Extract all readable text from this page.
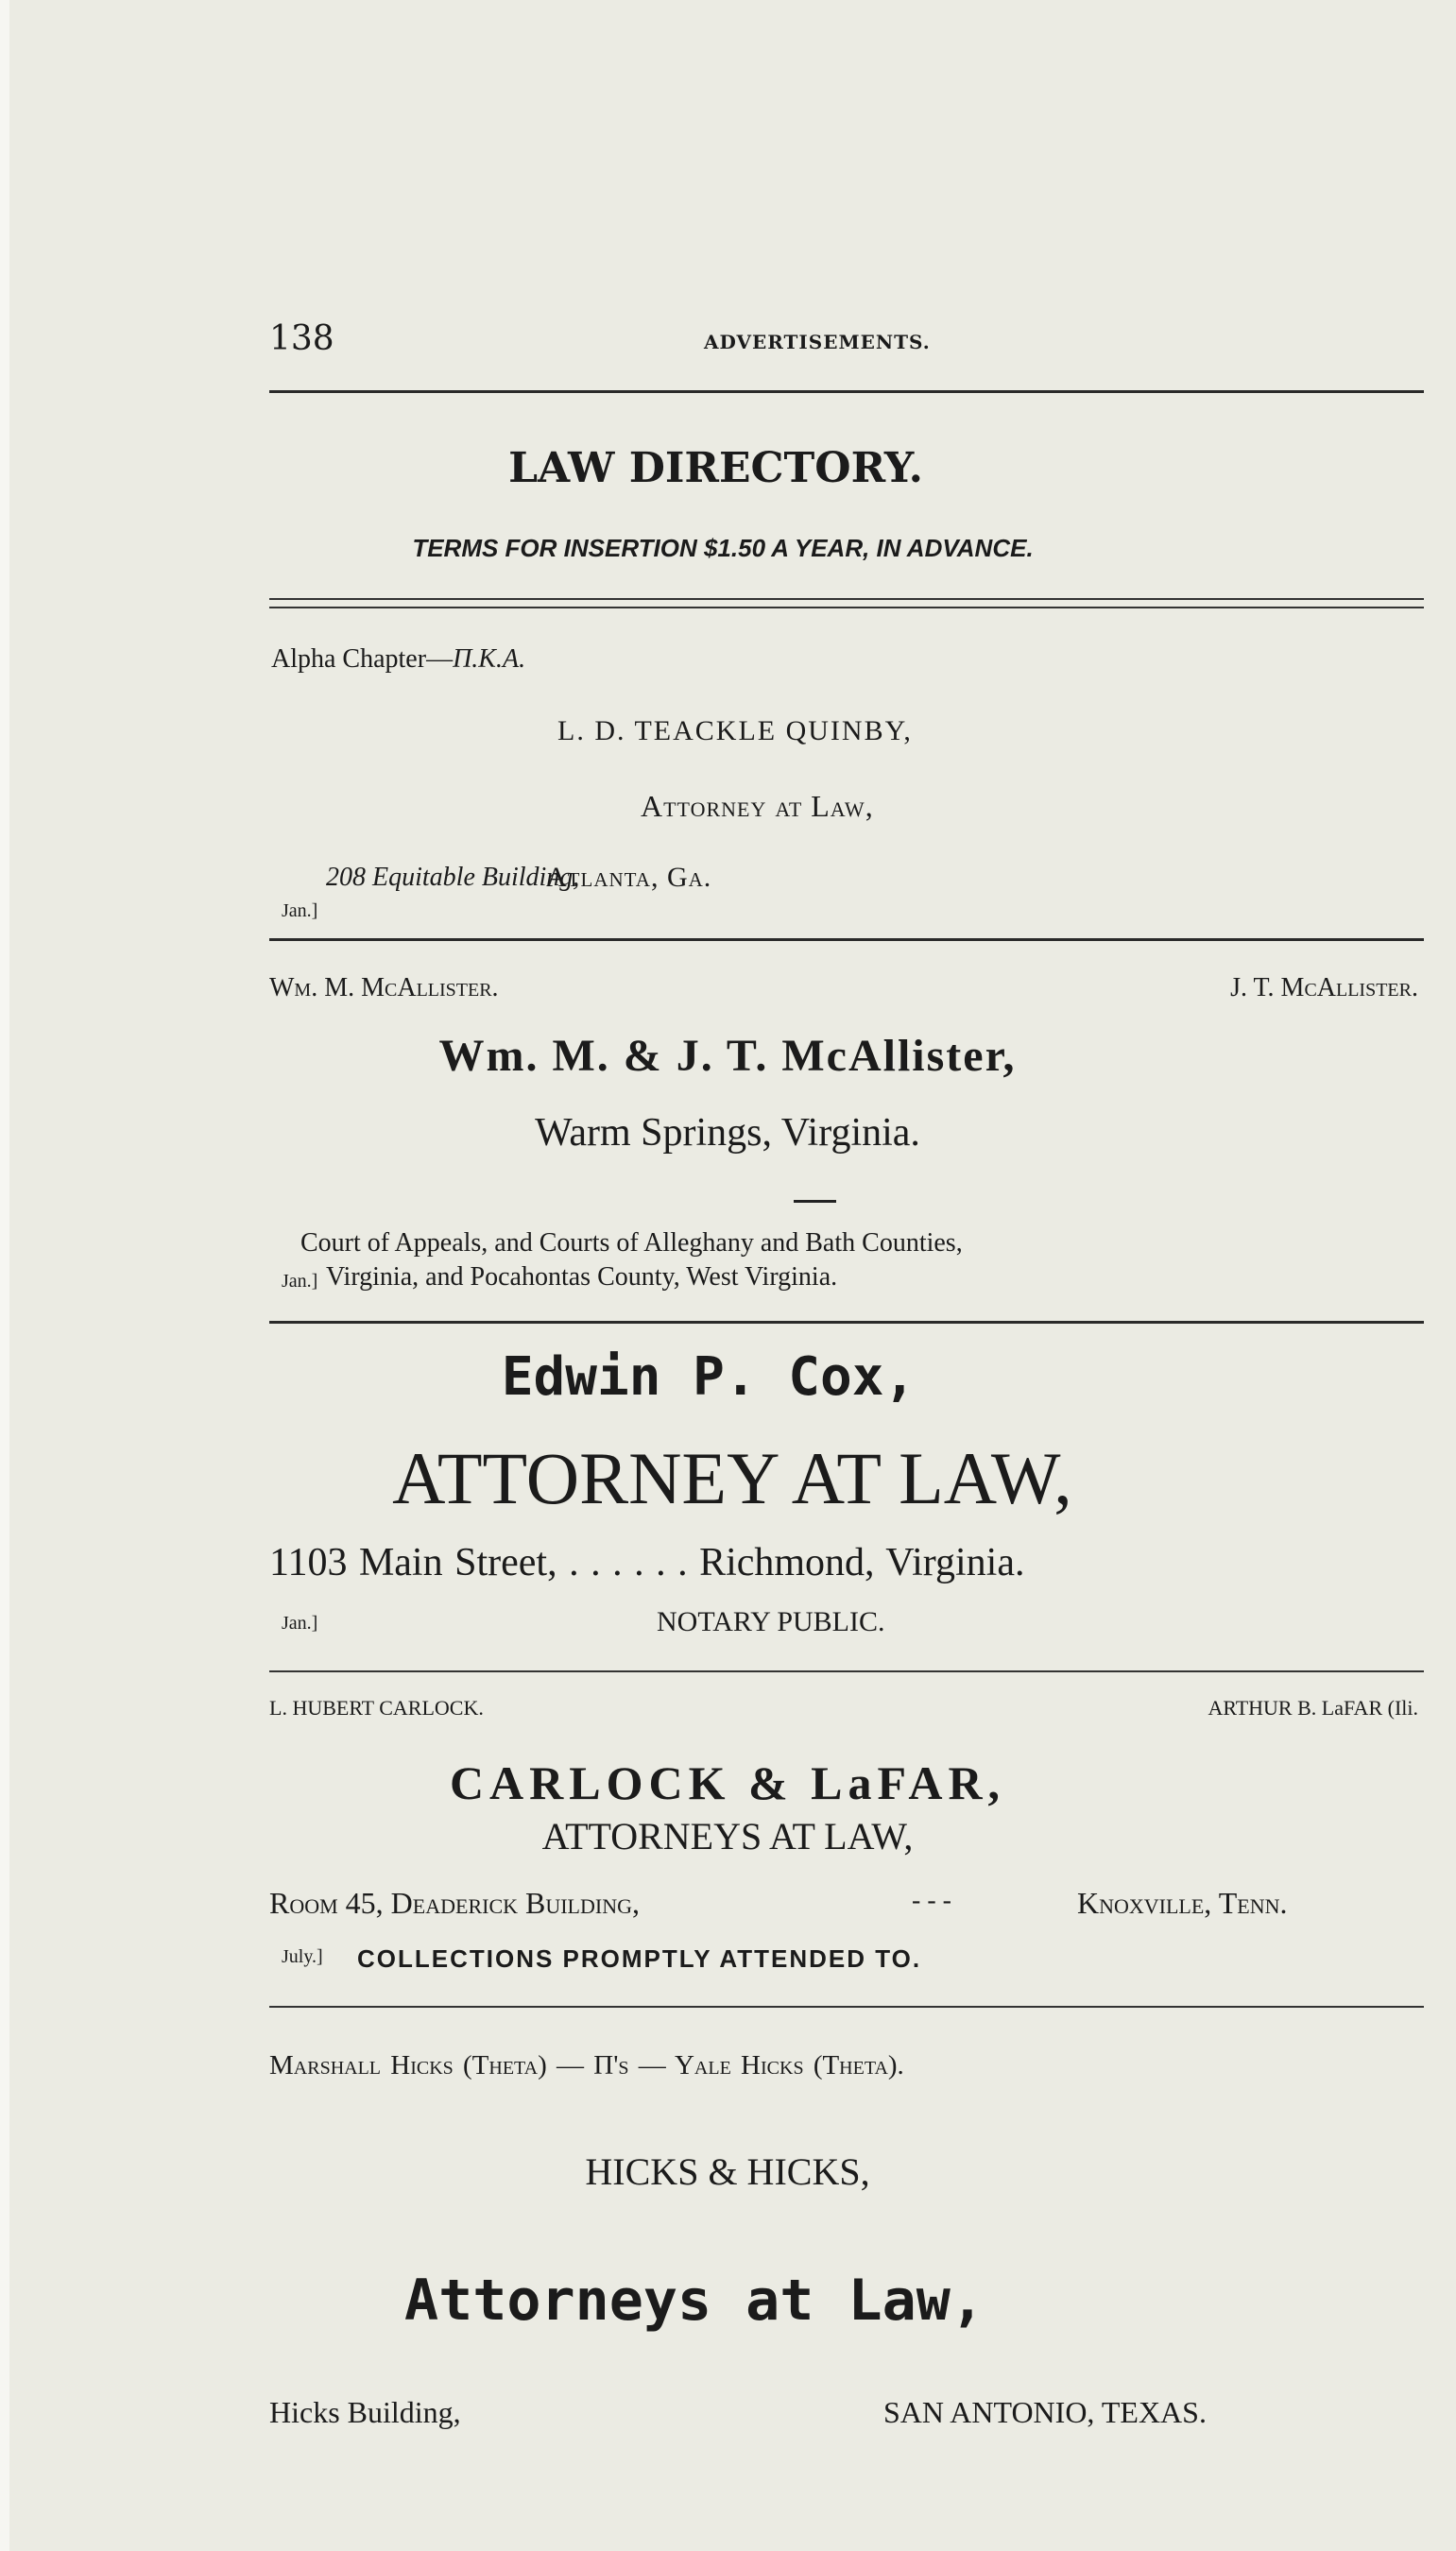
138	ADVERTISEMENTS.
LAW DIRECTORY.
TERMS FOR INSERTION $1.50 A YEAR, IN ADVANCE.
Alpha Chapter—Π.Κ.Α.
L. D. TEACKLE QUINBY,
Attorney at Law,
208 Equitable Building,
Atlanta, Ga.
Jan.]
Wm. M. McAllister.	J. T. McAllister.
Wm. M. & J. T. McAllister,
Warm Springs, Virginia.
Court of Appeals, and Courts of Alleghany and Bath Counties,
Jan.] Virginia, and Pocahontas County, West Virginia.
Edwin P. Cox,
ATTORNEY AT LAW,
1103 Main Street, . . . . . . Richmond, Virginia.
Jan.]	NOTARY PUBLIC.
L. HUBERT CARLOCK.	ARTHUR B. LaFAR (Ili.
CARLOCK & LaFAR,
ATTORNEYS AT LAW,
Room 45, Deaderick Building,	- - -	Knoxville, Tenn.
July.] COLLECTIONS PROMPTLY ATTENDED TO.
Marshall Hicks (Theta) — Π's — Yale Hicks (Theta).
HICKS & HICKS,
Attorneys at Law,
Hicks Building,	SAN ANTONIO, TEXAS.
